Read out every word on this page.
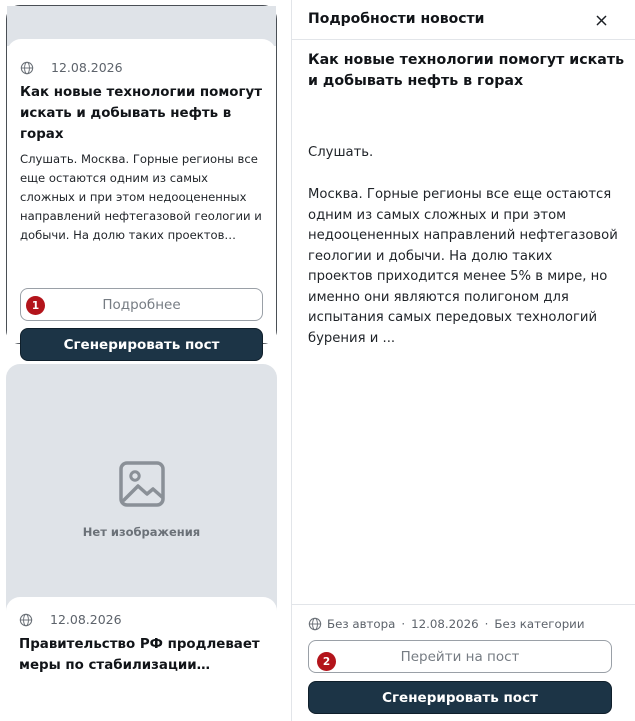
12.08.2026
Как новые технологии помогут искать и добывать нефть в горах
Слушать. Москва. Горные регионы все еще остаются одним из самых сложных и при этом недооцененных направлений нефтегазовой геологии и добычи. На долю таких проектов…
Подробнее
Сгенерировать пост
1
Нет изображения
12.08.2026
Правительство РФ продлевает меры по стабилизации…
Подробности новости
Как новые технологии помогут искать и добывать нефть в горах
Слушать.
Москва. Горные регионы все еще остаются одним из самых сложных и при этом недооцененных направлений нефтегазовой геологии и добычи. На долю таких проектов приходится менее 5% в мире, но именно они являются полигоном для испытания самых передовых технологий бурения и ...
Без автора · 12.08.2026 · Без категории
Перейти на пост
Сгенерировать пост
2
